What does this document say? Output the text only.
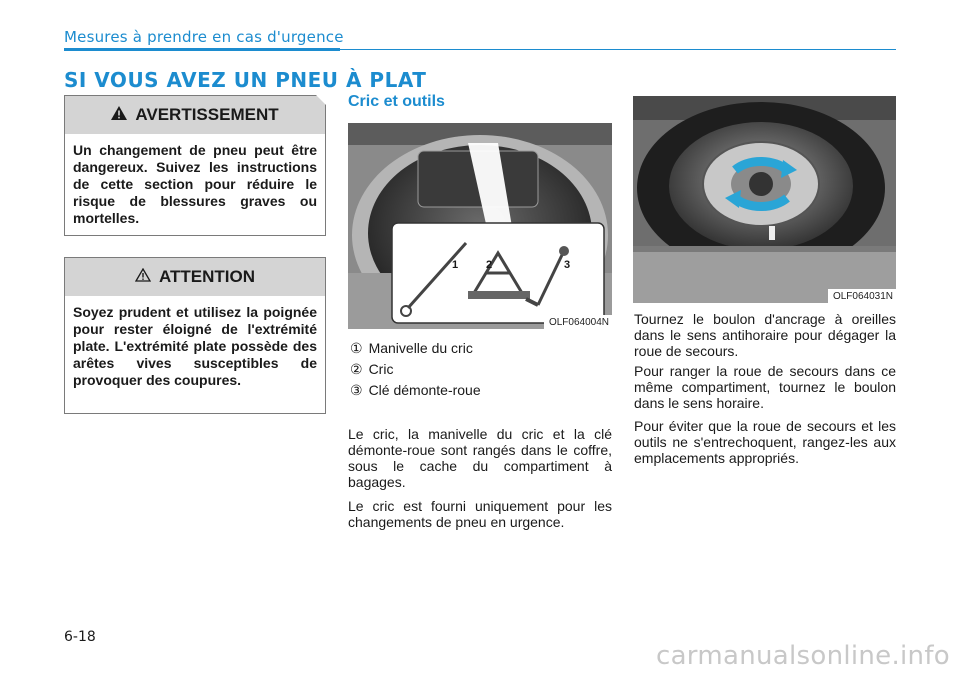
Mesures à prendre en cas d'urgence
SI VOUS AVEZ UN PNEU À PLAT
AVERTISSEMENT
Un changement de pneu peut être dangereux. Suivez les instructions de cette section pour réduire le risque de blessures graves ou mortelles.
ATTENTION
Soyez prudent et utilisez la poignée pour rester éloigné de l'extrémité plate. L'extrémité plate possède des arêtes vives susceptibles de provoquer des coupures.
Cric et outils
1	2	3
OLF064004N
① Manivelle du cric
② Cric
③ Clé démonte-roue
Le cric, la manivelle du cric et la clé démonte-roue sont rangés dans le coffre, sous le cache du compartiment à bagages.
Le cric est fourni uniquement pour les changements de pneu en urgence.
OLF064031N
Tournez le boulon d'ancrage à oreilles dans le sens antihoraire pour dégager la roue de secours.
Pour ranger la roue de secours dans ce même compartiment, tournez le boulon dans le sens horaire.
Pour éviter que la roue de secours et les outils ne s'entrechoquent, rangez-les aux emplacements appropriés.
6-18
carmanualsonline.info
